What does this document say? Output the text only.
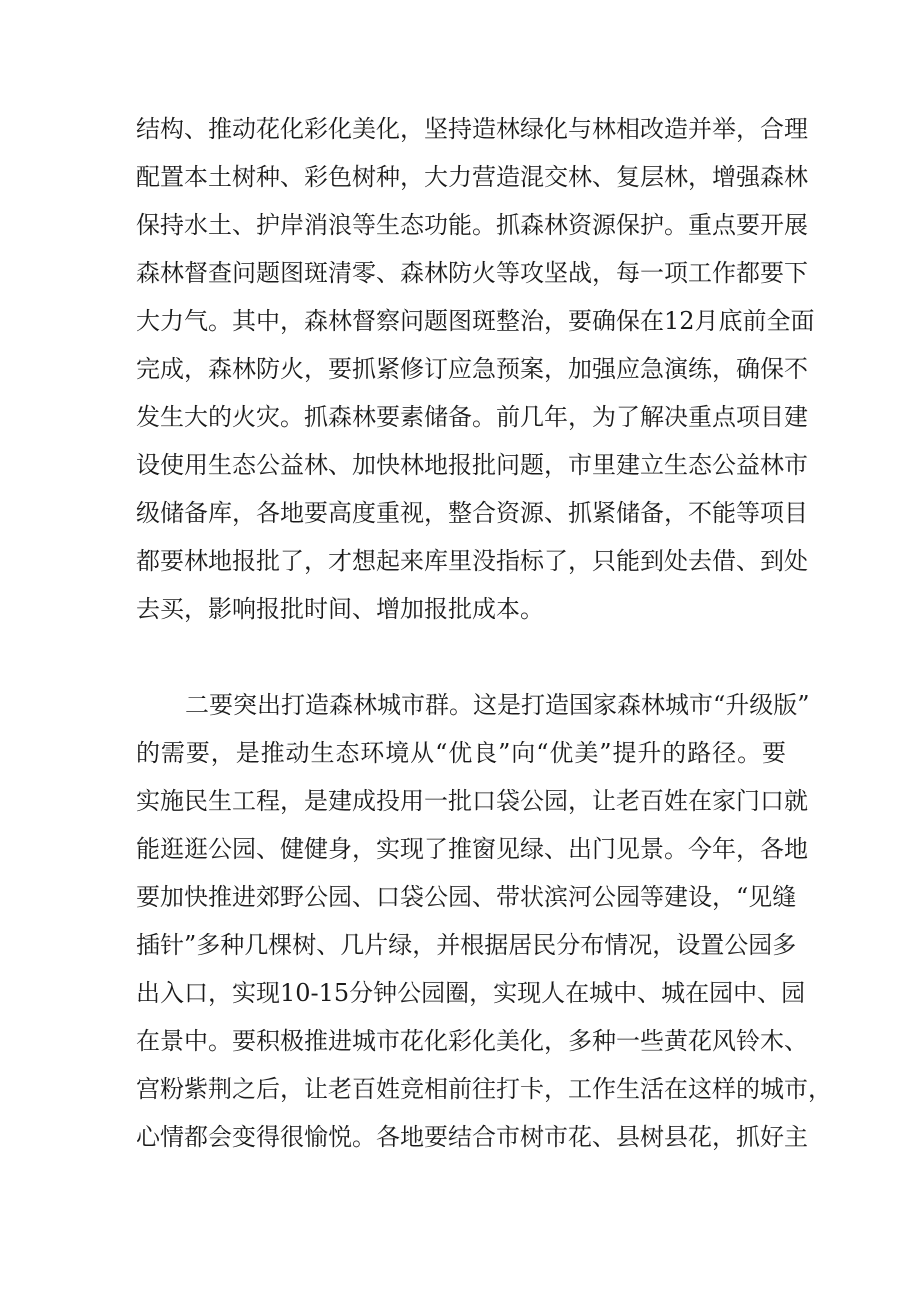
结构、推动花化彩化美化，坚持造林绿化与林相改造并举，合理
配置本土树种、彩色树种，大力营造混交林、复层林，增强森林
保持水土、护岸消浪等生态功能。抓森林资源保护。重点要开展
森林督查问题图斑清零、森林防火等攻坚战，每一项工作都要下
大力气。其中，森林督察问题图斑整治，要确保在12月底前全面
完成，森林防火，要抓紧修订应急预案，加强应急演练，确保不
发生大的火灾。抓森林要素储备。前几年，为了解决重点项目建
设使用生态公益林、加快林地报批问题，市里建立生态公益林市
级储备库，各地要高度重视，整合资源、抓紧储备，不能等项目
都要林地报批了，才想起来库里没指标了，只能到处去借、到处
去买，影响报批时间、增加报批成本。
二要突出打造森林城市群。这是打造国家森林城市“升级版”
的需要，是推动生态环境从“优良”向“优美”提升的路径。要
实施民生工程，是建成投用一批口袋公园，让老百姓在家门口就
能逛逛公园、健健身，实现了推窗见绿、出门见景。今年，各地
要加快推进郊野公园、口袋公园、带状滨河公园等建设，“见缝
插针”多种几棵树、几片绿，并根据居民分布情况，设置公园多
出入口，实现10-15分钟公园圈，实现人在城中、城在园中、园
在景中。要积极推进城市花化彩化美化，多种一些黄花风铃木、
宫粉紫荆之后，让老百姓竞相前往打卡，工作生活在这样的城市，
心情都会变得很愉悦。各地要结合市树市花、县树县花，抓好主
